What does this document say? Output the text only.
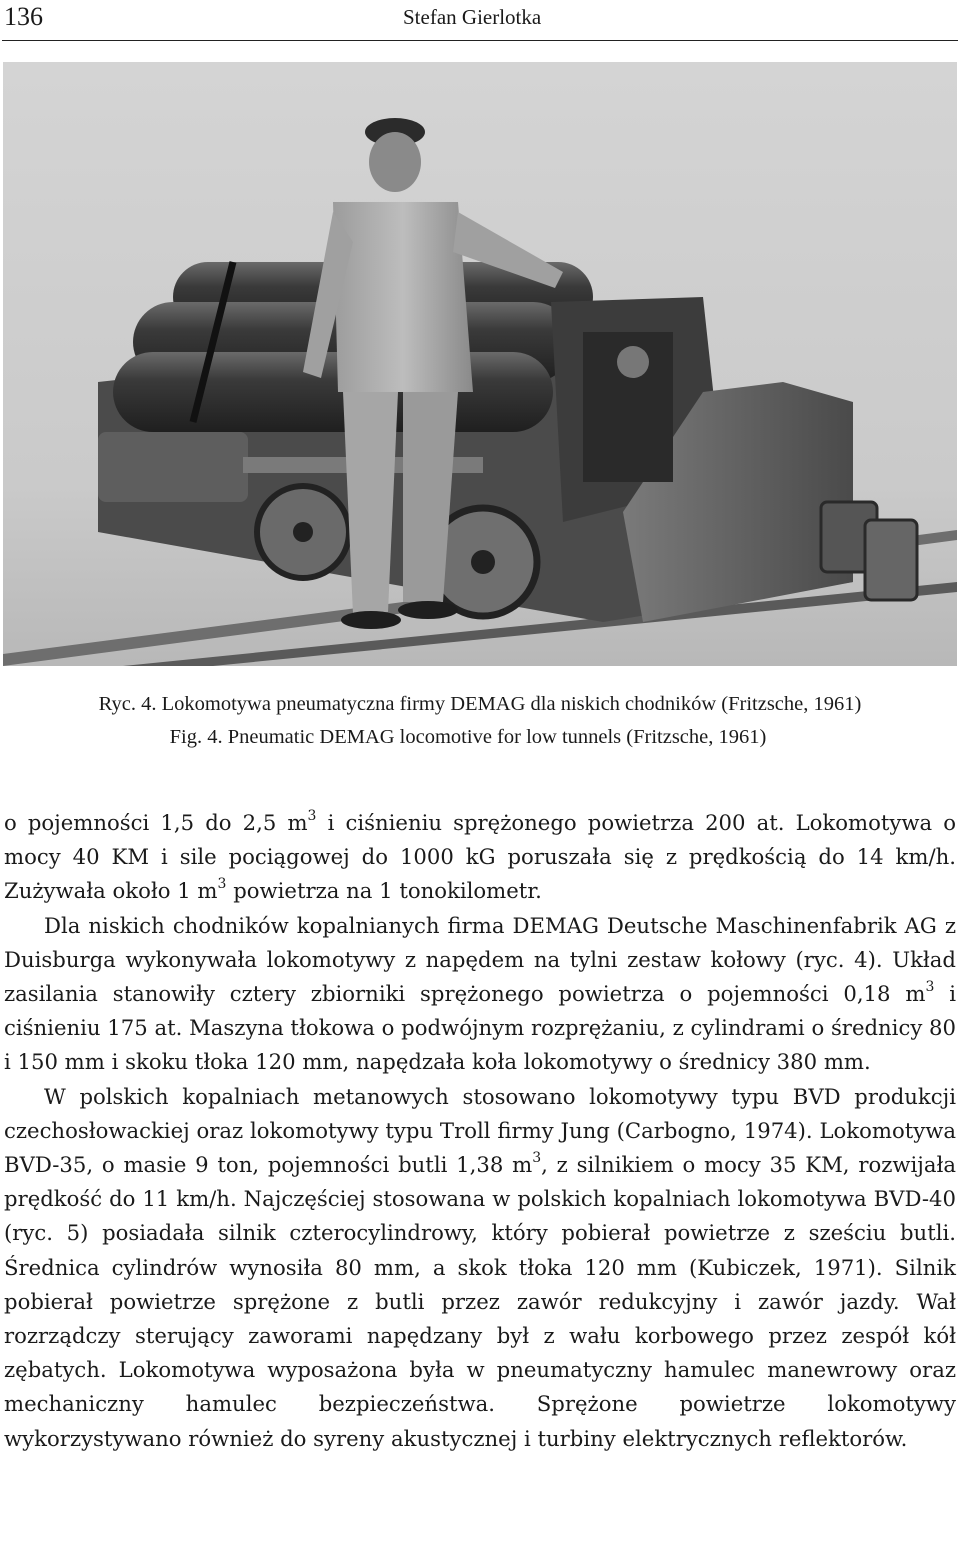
136	Stefan Gierlotka
Ryc. 4. Lokomotywa pneumatyczna firmy DEMAG dla niskich chodników (Fritzsche, 1961)
Fig. 4. Pneumatic DEMAG locomotive for low tunnels (Fritzsche, 1961)

o pojemności 1,5 do 2,5 $m^3$ i ciśnieniu sprężonego powietrza 200 at. Lokomotywa o mocy 40 KM i sile pociągowej do 1000 kG poruszała się z prędkością do 14 km/h. Zużywała około 1 $m^3$ powietrza na 1 tonokilometr.

Dla niskich chodników kopalnianych firma DEMAG Deutsche Maschinenfabrik AG z Duisburga wykonywała lokomotywy z napędem na tylni zestaw kołowy (ryc. 4). Układ zasilania stanowiły cztery zbiorniki sprężonego powietrza o pojemności 0,18 $m^3$ i ciśnieniu 175 at. Maszyna tłokowa o podwójnym rozprężaniu, z cylindrami o średnicy 80 i 150 mm i skoku tłoka 120 mm, napędzała koła lokomotywy o średnicy 380 mm.

W polskich kopalniach metanowych stosowano lokomotywy typu BVD produkcji czechosłowackiej oraz lokomotywy typu Troll firmy Jung (Carbogno, 1974). Lokomotywa BVD-35, o masie 9 ton, pojemności butli 1,38 $m^3$, z silnikiem o mocy 35 KM, rozwijała prędkość do 11 km/h. Najczęściej stosowana w polskich kopalniach lokomotywa BVD-40 (ryc. 5) posiadała silnik czterocylindrowy, który pobierał powietrze z sześciu butli. Średnica cylindrów wynosiła 80 mm, a skok tłoka 120 mm (Kubiczek, 1971). Silnik pobierał powietrze sprężone z butli przez zawór redukcyjny i zawór jazdy. Wał rozrządczy sterujący zaworami napędzany był z wału korbowego przez zespół kół zębatych. Lokomotywa wyposażona była w pneumatyczny hamulec manewrowy oraz mechaniczny hamulec bezpieczeństwa. Sprężone powietrze lokomotywy wykorzystywano również do syreny akustycznej i turbiny elektrycznych reflektorów.
